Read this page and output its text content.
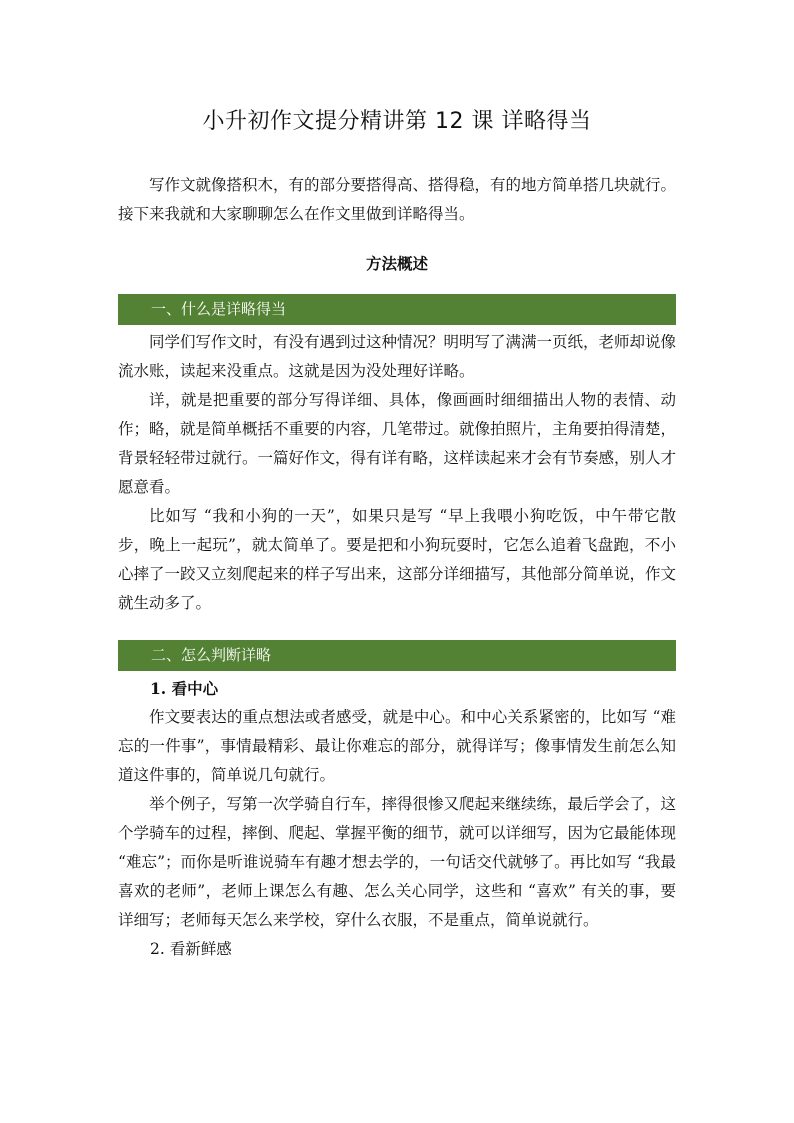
小升初作文提分精讲第 12 课 详略得当

写作文就像搭积木，有的部分要搭得高、搭得稳，有的地方简单搭几块就行。接下来我就和大家聊聊怎么在作文里做到详略得当。

方法概述
一、什么是详略得当

同学们写作文时，有没有遇到过这种情况？明明写了满满一页纸，老师却说像流水账，读起来没重点。这就是因为没处理好详略。

详，就是把重要的部分写得详细、具体，像画画时细细描出人物的表情、动作；略，就是简单概括不重要的内容，几笔带过。就像拍照片，主角要拍得清楚，背景轻轻带过就行。一篇好作文，得有详有略，这样读起来才会有节奏感，别人才愿意看。

比如写 “我和小狗的一天”，如果只是写 “早上我喂小狗吃饭，中午带它散步，晚上一起玩”，就太简单了。要是把和小狗玩耍时，它怎么追着飞盘跑，不小心摔了一跤又立刻爬起来的样子写出来，这部分详细描写，其他部分简单说，作文就生动多了。

二、怎么判断详略

1. 看中心

作文要表达的重点想法或者感受，就是中心。和中心关系紧密的，比如写 “难忘的一件事”，事情最精彩、最让你难忘的部分，就得详写；像事情发生前怎么知道这件事的，简单说几句就行。

举个例子，写第一次学骑自行车，摔得很惨又爬起来继续练，最后学会了，这个学骑车的过程，摔倒、爬起、掌握平衡的细节，就可以详细写，因为它最能体现 “难忘”；而你是听谁说骑车有趣才想去学的，一句话交代就够了。再比如写 “我最喜欢的老师”，老师上课怎么有趣、怎么关心同学，这些和 “喜欢” 有关的事，要详细写；老师每天怎么来学校，穿什么衣服，不是重点，简单说就行。

2. 看新鲜感
